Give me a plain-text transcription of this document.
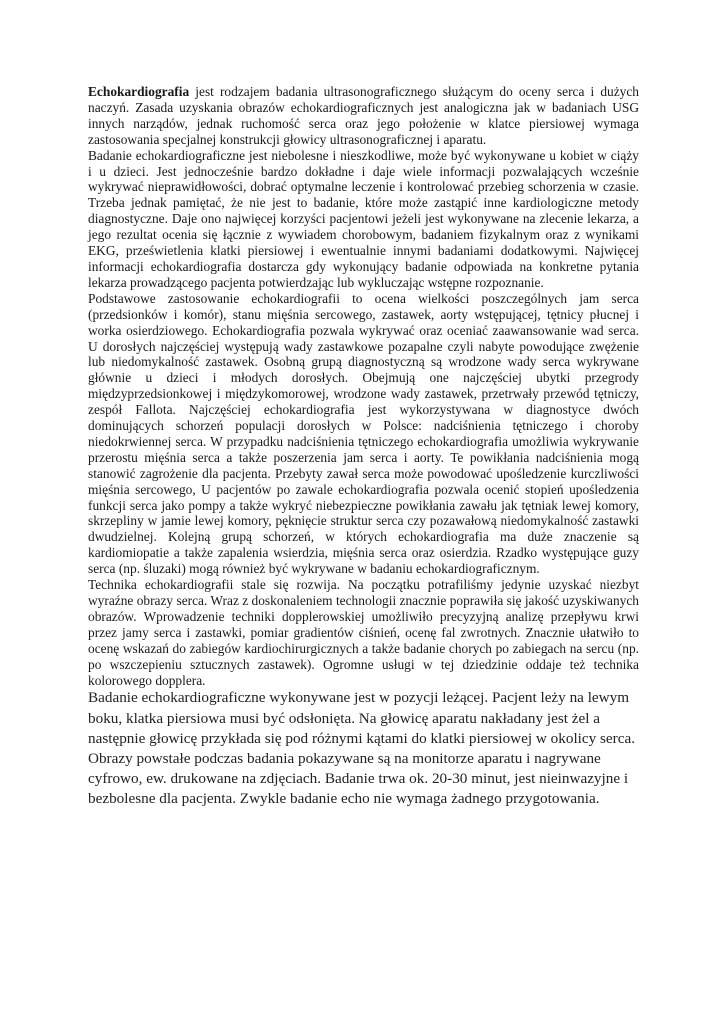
Echokardiografia jest rodzajem badania ultrasonograficznego służącym do oceny serca i dużych naczyń. Zasada uzyskania obrazów echokardiograficznych jest analogiczna jak w badaniach USG innych narządów, jednak ruchomość serca oraz jego położenie w klatce piersiowej wymaga zastosowania specjalnej konstrukcji głowicy ultrasonograficznej i aparatu.

Badanie echokardiograficzne jest niebolesne i nieszkodliwe, może być wykonywane u kobiet w ciąży i u dzieci. Jest jednocześnie bardzo dokładne i daje wiele informacji pozwalających wcześnie wykrywać nieprawidłowości, dobrać optymalne leczenie i kontrolować przebieg schorzenia w czasie. Trzeba jednak pamiętać, że nie jest to badanie, które może zastąpić inne kardiologiczne metody diagnostyczne. Daje ono najwięcej korzyści pacjentowi jeżeli jest wykonywane na zlecenie lekarza, a jego rezultat ocenia się łącznie z wywiadem chorobowym, badaniem fizykalnym oraz z wynikami EKG, prześwietlenia klatki piersiowej i ewentualnie innymi badaniami dodatkowymi. Najwięcej informacji echokardiografia dostarcza gdy wykonujący badanie odpowiada na konkretne pytania lekarza prowadzącego pacjenta potwierdzając lub wykluczając wstępne rozpoznanie.

Podstawowe zastosowanie echokardiografii to ocena wielkości poszczególnych jam serca (przedsionków i komór), stanu mięśnia sercowego, zastawek, aorty wstępującej, tętnicy płucnej i worka osierdziowego. Echokardiografia pozwala wykrywać oraz oceniać zaawansowanie wad serca. U dorosłych najczęściej występują wady zastawkowe pozapalne czyli nabyte powodujące zwężenie lub niedomykalność zastawek. Osobną grupą diagnostyczną są wrodzone wady serca wykrywane głównie u dzieci i młodych dorosłych. Obejmują one najczęściej ubytki przegrody międzyprzedsionkowej i międzykomorowej, wrodzone wady zastawek, przetrwały przewód tętniczy, zespół Fallota. Najczęściej echokardiografia jest wykorzystywana w diagnostyce dwóch dominujących schorzeń populacji dorosłych w Polsce: nadciśnienia tętniczego i choroby niedokrwiennej serca. W przypadku nadciśnienia tętniczego echokardiografia umożliwia wykrywanie przerostu mięśnia serca a także poszerzenia jam serca i aorty. Te powikłania nadciśnienia mogą stanowić zagrożenie dla pacjenta. Przebyty zawał serca może powodować upośledzenie kurczliwości mięśnia sercowego, U pacjentów po zawale echokardiografia pozwala ocenić stopień upośledzenia funkcji serca jako pompy a także wykryć niebezpieczne powikłania zawału jak tętniak lewej komory, skrzepliny w jamie lewej komory, pęknięcie struktur serca czy pozawałową niedomykalność zastawki dwudzielnej. Kolejną grupą schorzeń, w których echokardiografia ma duże znaczenie są kardiomiopatie a także zapalenia wsierdzia, mięśnia serca oraz osierdzia. Rzadko występujące guzy serca (np. śluzaki) mogą również być wykrywane w badaniu echokardiograficznym.

Technika echokardiografii stale się rozwija. Na początku potrafiliśmy jedynie uzyskać niezbyt wyraźne obrazy serca. Wraz z doskonaleniem technologii znacznie poprawiła się jakość uzyskiwanych obrazów. Wprowadzenie techniki dopplerowskiej umożliwiło precyzyjną analizę przepływu krwi przez jamy serca i zastawki, pomiar gradientów ciśnień, ocenę fal zwrotnych. Znacznie ułatwiło to ocenę wskazań do zabiegów kardiochirurgicznych a także badanie chorych po zabiegach na sercu (np. po wszczepieniu sztucznych zastawek). Ogromne usługi w tej dziedzinie oddaje też technika kolorowego dopplera.

Badanie echokardiograficzne wykonywane jest w pozycji leżącej. Pacjent leży na lewym boku, klatka piersiowa musi być odsłonięta. Na głowicę aparatu nakładany jest żel a następnie głowicę przykłada się pod różnymi kątami do klatki piersiowej w okolicy serca. Obrazy powstałe podczas badania pokazywane są na monitorze aparatu i nagrywane cyfrowo, ew. drukowane na zdjęciach. Badanie trwa ok. 20-30 minut, jest nieinwazyjne i bezbolesne dla pacjenta. Zwykle badanie echo nie wymaga żadnego przygotowania.
